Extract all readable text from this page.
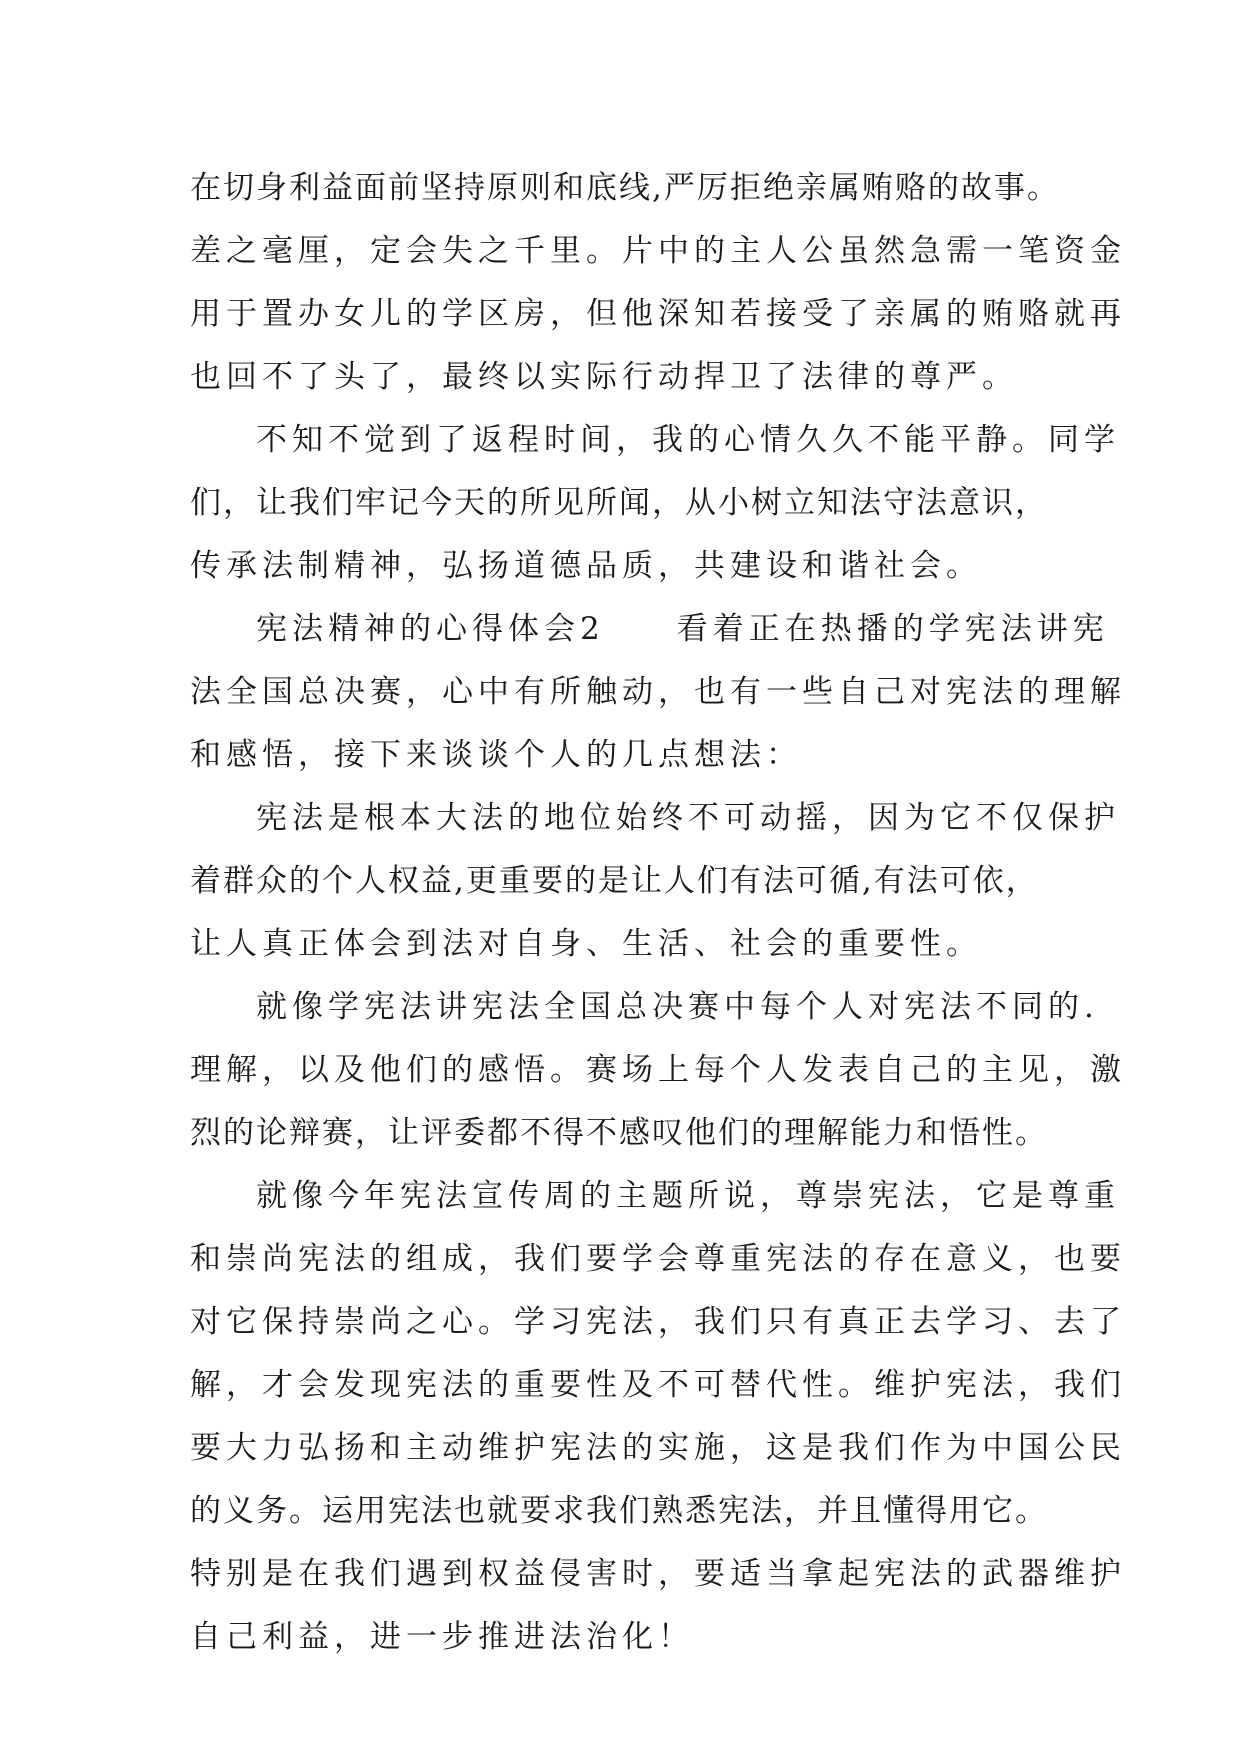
在切身利益面前坚持原则和底线,严厉拒绝亲属贿赂的故事。
差之毫厘，定会失之千里。片中的主人公虽然急需一笔资金
用于置办女儿的学区房，但他深知若接受了亲属的贿赂就再
也回不了头了，最终以实际行动捍卫了法律的尊严。
不知不觉到了返程时间，我的心情久久不能平静。同学
们，让我们牢记今天的所见所闻，从小树立知法守法意识，
传承法制精神，弘扬道德品质，共建设和谐社会。
宪法精神的心得体会2　　看着正在热播的学宪法讲宪
法全国总决赛，心中有所触动，也有一些自己对宪法的理解
和感悟，接下来谈谈个人的几点想法：
宪法是根本大法的地位始终不可动摇，因为它不仅保护
着群众的个人权益,更重要的是让人们有法可循,有法可依，
让人真正体会到法对自身、生活、社会的重要性。
就像学宪法讲宪法全国总决赛中每个人对宪法不同的.
理解，以及他们的感悟。赛场上每个人发表自己的主见，激
烈的论辩赛，让评委都不得不感叹他们的理解能力和悟性。
就像今年宪法宣传周的主题所说，尊崇宪法，它是尊重
和崇尚宪法的组成，我们要学会尊重宪法的存在意义，也要
对它保持崇尚之心。学习宪法，我们只有真正去学习、去了
解，才会发现宪法的重要性及不可替代性。维护宪法，我们
要大力弘扬和主动维护宪法的实施，这是我们作为中国公民
的义务。运用宪法也就要求我们熟悉宪法，并且懂得用它。
特别是在我们遇到权益侵害时，要适当拿起宪法的武器维护
自己利益，进一步推进法治化！
